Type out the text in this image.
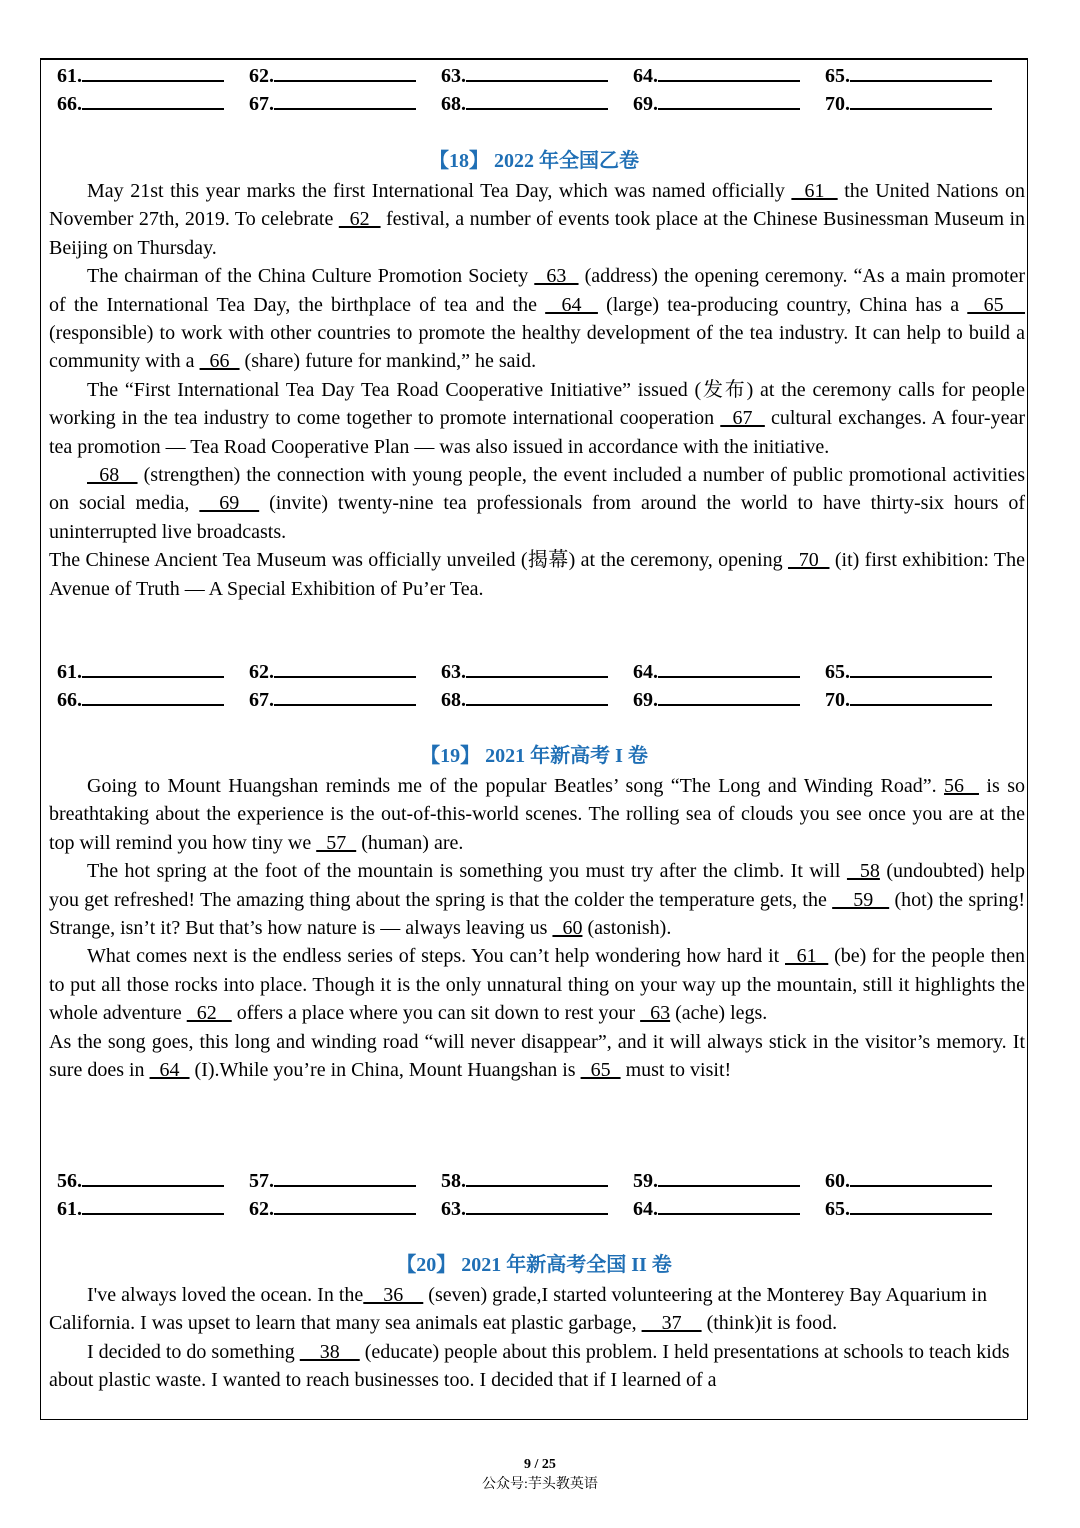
61.	62.	63.	64.	65.
66.	67.	68.	69.	70.
【18】 2022 年全国乙卷

May 21st this year marks the first International Tea Day, which was named officially   61   the United Nations on November 27th, 2019. To celebrate   62   festival, a number of events took place at the Chinese Businessman Museum in Beijing on Thursday.

The chairman of the China Culture Promotion Society   63   (address) the opening ceremony. “As a main promoter of the International Tea Day, the birthplace of tea and the   64   (large) tea-producing country, China has a   65    (responsible) to work with other countries to promote the healthy development of the tea industry. It can help to build a community with a   66   (share) future for mankind,” he said.

The “First International Tea Day Tea Road Cooperative Initiative” issued (发布) at the ceremony calls for people working in the tea industry to come together to promote international cooperation   67   cultural exchanges. A four-year tea promotion — Tea Road Cooperative Plan — was also issued in accordance with the initiative.

68    (strengthen) the connection with young people, the event included a number of public promotional activities on social media,   69   (invite) twenty-nine tea professionals from around the world to have thirty-six hours of uninterrupted live broadcasts.

The Chinese Ancient Tea Museum was officially unveiled (揭幕) at the ceremony, opening   70   (it) first exhibition: The Avenue of Truth — A Special Exhibition of Pu’er Tea.

61.	62.	63.	64.	65.
66.	67.	68.	69.	70.
【19】 2021 年新高考 I 卷

Going to Mount Huangshan reminds me of the popular Beatles’ song “The Long and Winding Road”. 56   is so breathtaking about the experience is the out-of-this-world scenes. The rolling sea of clouds you see once you are at the top will remind you how tiny we   57   (human) are.

The hot spring at the foot of the mountain is something you must try after the climb. It will   58 (undoubted) help you get refreshed! The amazing thing about the spring is that the colder the temperature gets, the     59    (hot) the spring! Strange, isn’t it? But that’s how nature is — always leaving us   60 (astonish).

What comes next is the endless series of steps. You can’t help wondering how hard it   61   (be) for the people then to put all those rocks into place. Though it is the only unnatural thing on your way up the mountain, still it highlights the whole adventure   62    offers a place where you can sit down to rest your   63 (ache) legs.

As the song goes, this long and winding road “will never disappear”, and it will always stick in the visitor’s memory. It sure does in   64   (I).While you’re in China, Mount Huangshan is   65   must to visit!

56.	57.	58.	59.	60.
61.	62.	63.	64.	65.
【20】 2021 年新高考全国 II 卷

I've always loved the ocean. In the    36     (seven) grade,I started volunteering at the Monterey Bay Aquarium in California. I was upset to learn that many sea animals eat plastic garbage,     37     (think)it is food.

I decided to do something     38     (educate) people about this problem. I held presentations at schools to teach kids about plastic waste. I wanted to reach businesses too. I decided that if I learned of a

9 / 25
公众号:芋头教英语
